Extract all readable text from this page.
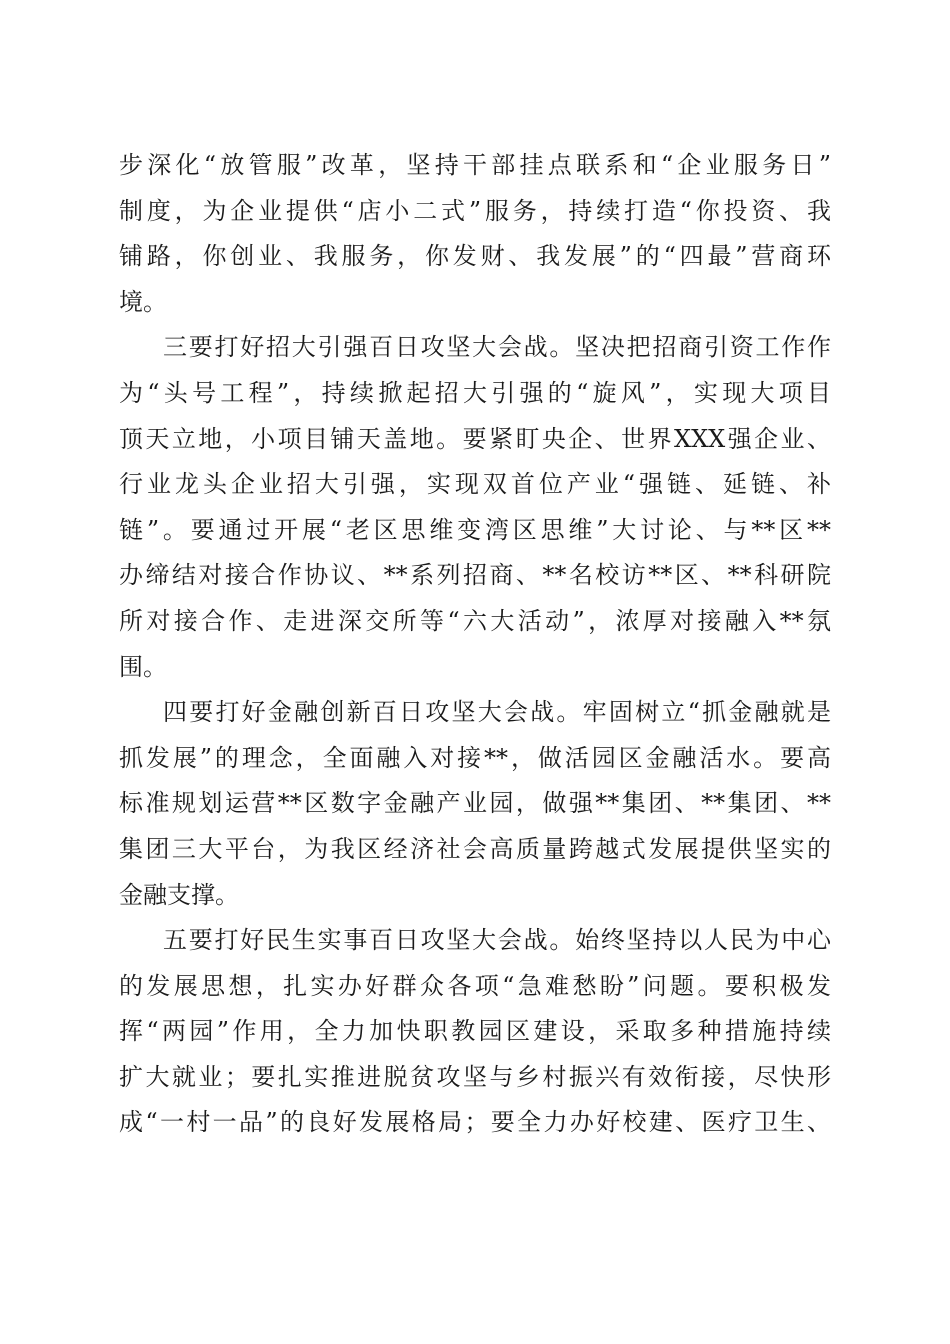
步深化“放管服”改革，坚持干部挂点联系和“企业服务日”
制度，为企业提供“店小二式”服务，持续打造“你投资、我
铺路，你创业、我服务，你发财、我发展”的“四最”营商环
境。
三要打好招大引强百日攻坚大会战。坚决把招商引资工作作
为“头号工程”，持续掀起招大引强的“旋风”，实现大项目
顶天立地，小项目铺天盖地。要紧盯央企、世界XXX强企业、
行业龙头企业招大引强，实现双首位产业“强链、延链、补
链”。要通过开展“老区思维变湾区思维”大讨论、与**区**
办缔结对接合作协议、**系列招商、**名校访**区、**科研院
所对接合作、走进深交所等“六大活动”，浓厚对接融入**氛
围。
四要打好金融创新百日攻坚大会战。牢固树立“抓金融就是
抓发展”的理念，全面融入对接**，做活园区金融活水。要高
标准规划运营**区数字金融产业园，做强**集团、**集团、**
集团三大平台，为我区经济社会高质量跨越式发展提供坚实的
金融支撑。
五要打好民生实事百日攻坚大会战。始终坚持以人民为中心
的发展思想，扎实办好群众各项“急难愁盼”问题。要积极发
挥“两园”作用，全力加快职教园区建设，采取多种措施持续
扩大就业；要扎实推进脱贫攻坚与乡村振兴有效衔接，尽快形
成“一村一品”的良好发展格局；要全力办好校建、医疗卫生、
